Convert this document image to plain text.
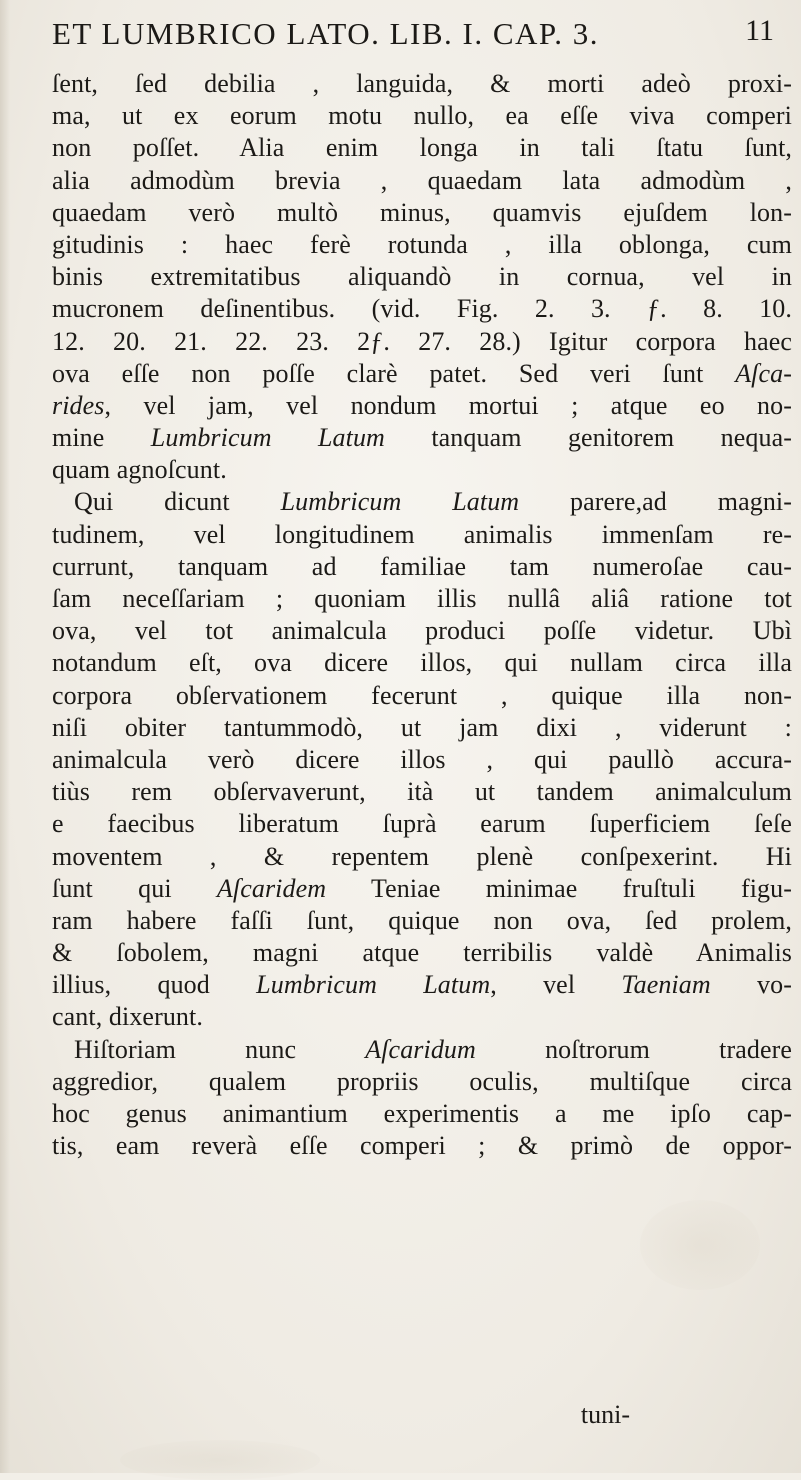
ET LUMBRICO LATO. LIB. I. CAP. 3.	11
ſent, ſed debilia , languida, & morti adeò proxi-
ma, ut ex eorum motu nullo, ea eſſe viva comperi
non poſſet. Alia enim longa in tali ſtatu ſunt,
alia admodùm brevia , quaedam lata admodùm ,
quaedam verò multò minus, quamvis ejuſdem lon-
gitudinis : haec ferè rotunda , illa oblonga, cum
binis extremitatibus aliquandò in cornua, vel in
mucronem deſinentibus. (vid. Fig. 2. 3. ƒ. 8. 10.
12. 20. 21. 22. 23. 2ƒ. 27. 28.) Igitur corpora haec
ova eſſe non poſſe clarè patet. Sed veri ſunt Aſca-
rides, vel jam, vel nondum mortui ; atque eo no-
mine Lumbricum Latum tanquam genitorem nequa-
quam agnoſcunt.
Qui dicunt Lumbricum Latum parere,ad magni-
tudinem, vel longitudinem animalis immenſam re-
currunt, tanquam ad familiae tam numeroſae cau-
ſam neceſſariam ; quoniam illis nullâ aliâ ratione tot
ova, vel tot animalcula produci poſſe videtur. Ubì
notandum eſt, ova dicere illos, qui nullam circa illa
corpora obſervationem fecerunt , quique illa non-
niſi obiter tantummodò, ut jam dixi , viderunt :
animalcula verò dicere illos , qui paullò accura-
tiùs rem obſervaverunt, ità ut tandem animalculum
e faecibus liberatum ſuprà earum ſuperficiem ſeſe
moventem , & repentem plenè conſpexerint. Hi
ſunt qui Aſcaridem Teniae minimae fruſtuli figu-
ram habere faſſi ſunt, quique non ova, ſed prolem,
& ſobolem, magni atque terribilis valdè Animalis
illius, quod Lumbricum Latum, vel Taeniam vo-
cant, dixerunt.
Hiſtoriam nunc Aſcaridum noſtrorum tradere
aggredior, qualem propriis oculis, multiſque circa
hoc genus animantium experimentis a me ipſo cap-
tis, eam reverà eſſe comperi ; & primò de oppor-
tuni-
